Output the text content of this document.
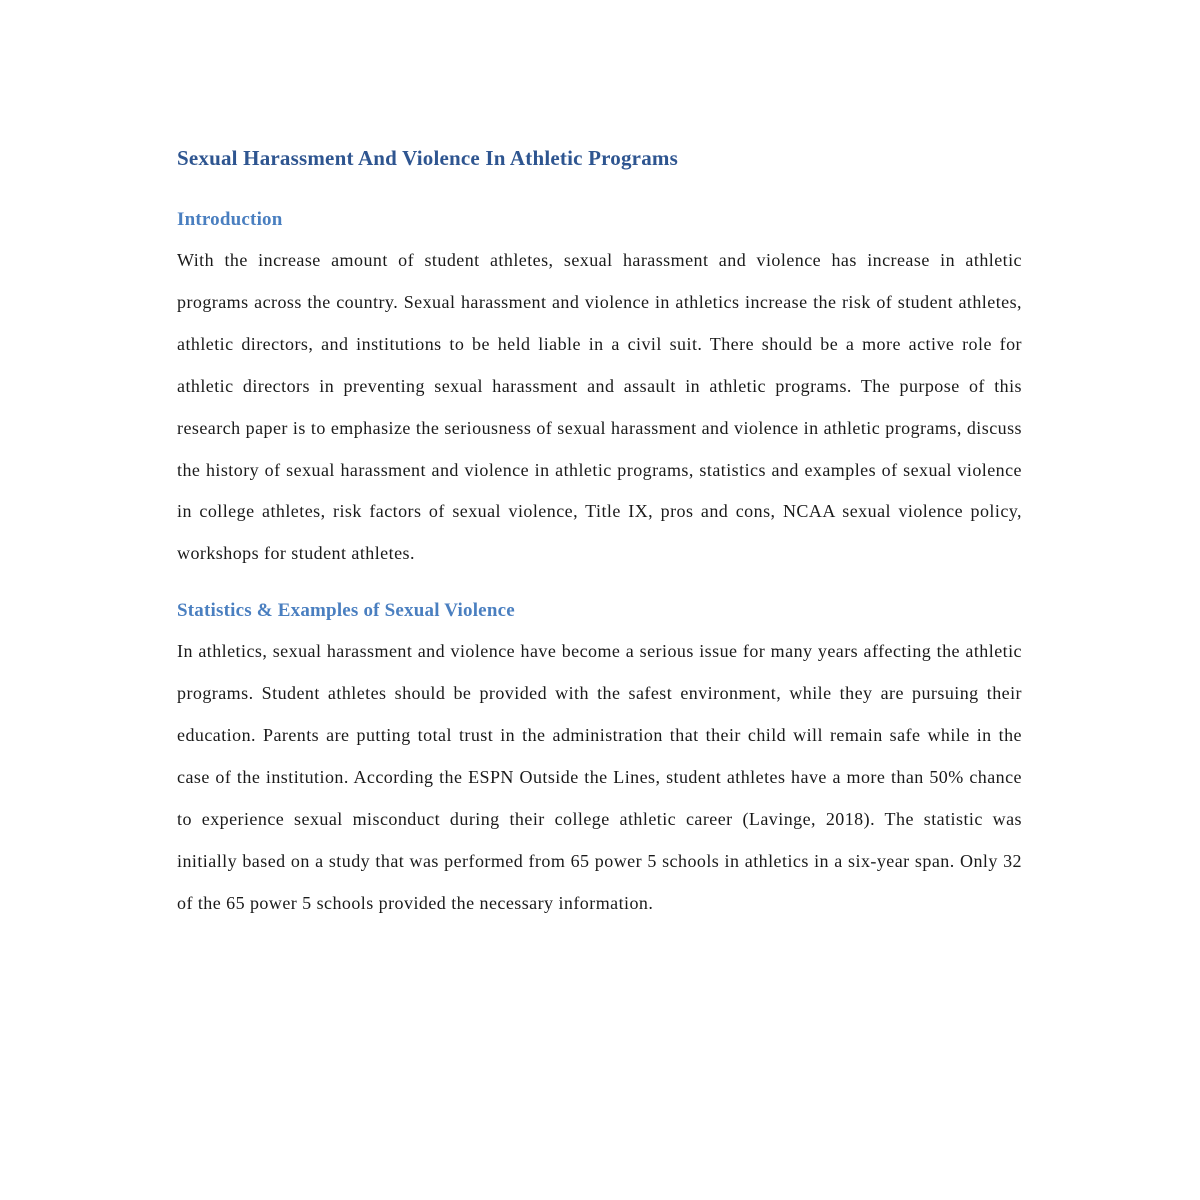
Sexual Harassment And Violence In Athletic Programs
Introduction

With the increase amount of student athletes, sexual harassment and violence has increase in athletic programs across the country. Sexual harassment and violence in athletics increase the risk of student athletes, athletic directors, and institutions to be held liable in a civil suit. There should be a more active role for athletic directors in preventing sexual harassment and assault in athletic programs. The purpose of this research paper is to emphasize the seriousness of sexual harassment and violence in athletic programs, discuss the history of sexual harassment and violence in athletic programs, statistics and examples of sexual violence in college athletes, risk factors of sexual violence, Title IX, pros and cons, NCAA sexual violence policy, workshops for student athletes.

Statistics & Examples of Sexual Violence

In athletics, sexual harassment and violence have become a serious issue for many years affecting the athletic programs. Student athletes should be provided with the safest environment, while they are pursuing their education. Parents are putting total trust in the administration that their child will remain safe while in the case of the institution. According the ESPN Outside the Lines, student athletes have a more than 50% chance to experience sexual misconduct during their college athletic career (Lavinge, 2018). The statistic was initially based on a study that was performed from 65 power 5 schools in athletics in a six-year span. Only 32 of the 65 power 5 schools provided the necessary information.
